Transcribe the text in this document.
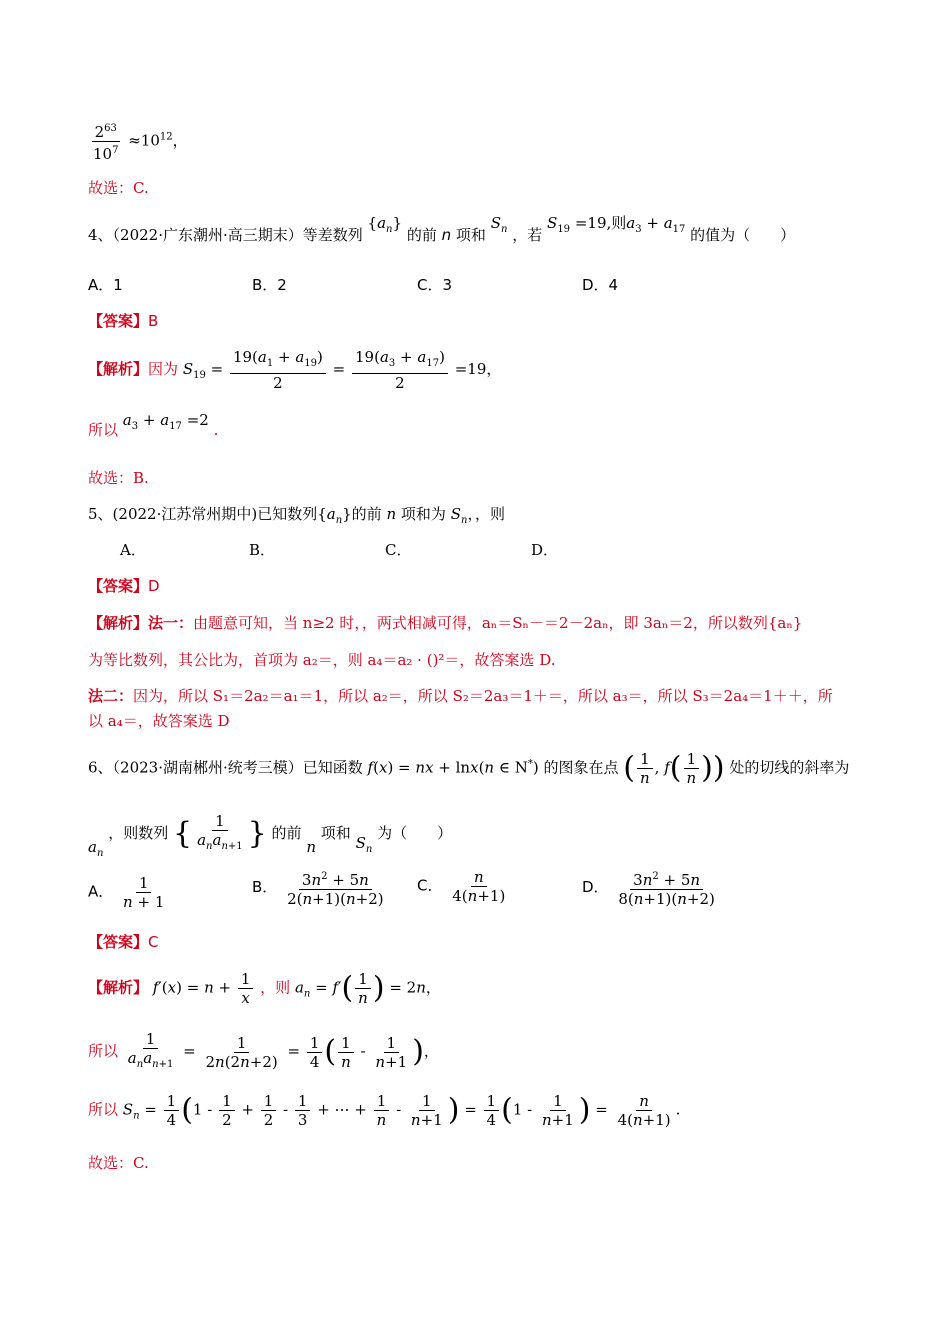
$\frac{2^{63}}{10^7} \approx 10^{12}$，
故选：C.
4、（2022·广东潮州·高三期末）等差数列 $\{a_n\}$ 的前 n 项和 $S_n$ ，若 $S_{19} =19$,则$a_3 + a_{17}$ 的值为（　　）
A．1	B．2	C．3	D．4
【答案】B
【解析】因为 $S_{19} = \frac{19(a_1 + a_{19})}{2} = \frac{19(a_3 + a_{17})}{2} =19$，
所以 $a_3 + a_{17} =2$ .
故选：B.
5、(2022·江苏常州期中)已知数列$\{a_n\}$的前 n 项和为 $S_n$，，则
A．	B．	C．	D．
【答案】D
【解析】法一：由题意可知，当 n≥2 时，，两式相减可得，aₙ＝Sₙ－＝2－2aₙ，即 3aₙ＝2，所以数列{aₙ}
为等比数列，其公比为，首项为 a₂＝，则 a₄＝a₂ · ()²＝，故答案选 D.
法二：因为，所以 S₁＝2a₂＝a₁＝1，所以 a₂＝，所以 S₂＝2a₃＝1＋＝，所以 a₃＝，所以 S₃＝2a₄＝1＋＋，所
以 a₄＝，故答案选 D
6、（2023·湖南郴州·统考三模）已知函数 f(x) = nx + lnx(n ∈ N*) 的图象在点 ( $\frac{1}{n}$ , $f( \frac{1}{n}$ )) 处的切线的斜率为
$a_n$ ，则数列 { $\frac{1}{a_na_{n+1}}$ } 的前 n 项和 $S_n$ 为（　　）
A． $\frac{1}{n + 1}$	B． $\frac{3n^2 + 5n}{2(n+1)(n+2)}$ C． $\frac{n}{4(n+1)}$	D． $\frac{3n^2 + 5n}{8(n+1)(n+2)}$
【答案】C
【解析】 $f'(x) = n + \frac{1}{x}$ ，则 $a_n = f'( \frac{1}{n}$ ) = 2n，
所以 $\frac{1}{a_na_{n+1}} = \frac{1}{2n(2n+2)} = \frac{1}{4}$ ( $\frac{1}{n} - \frac{1}{n+1}$ )，
所以 $S_n = \frac{1}{4} (1 - \frac{1}{2} + \frac{1}{2} - \frac{1}{3}$ + ⋯ + $\frac{1}{n} - \frac{1}{n+1}$ ) = $\frac{1}{4} (1 - \frac{1}{n+1}$ ) = $\frac{n}{4(n+1)}$ .
故选：C.
